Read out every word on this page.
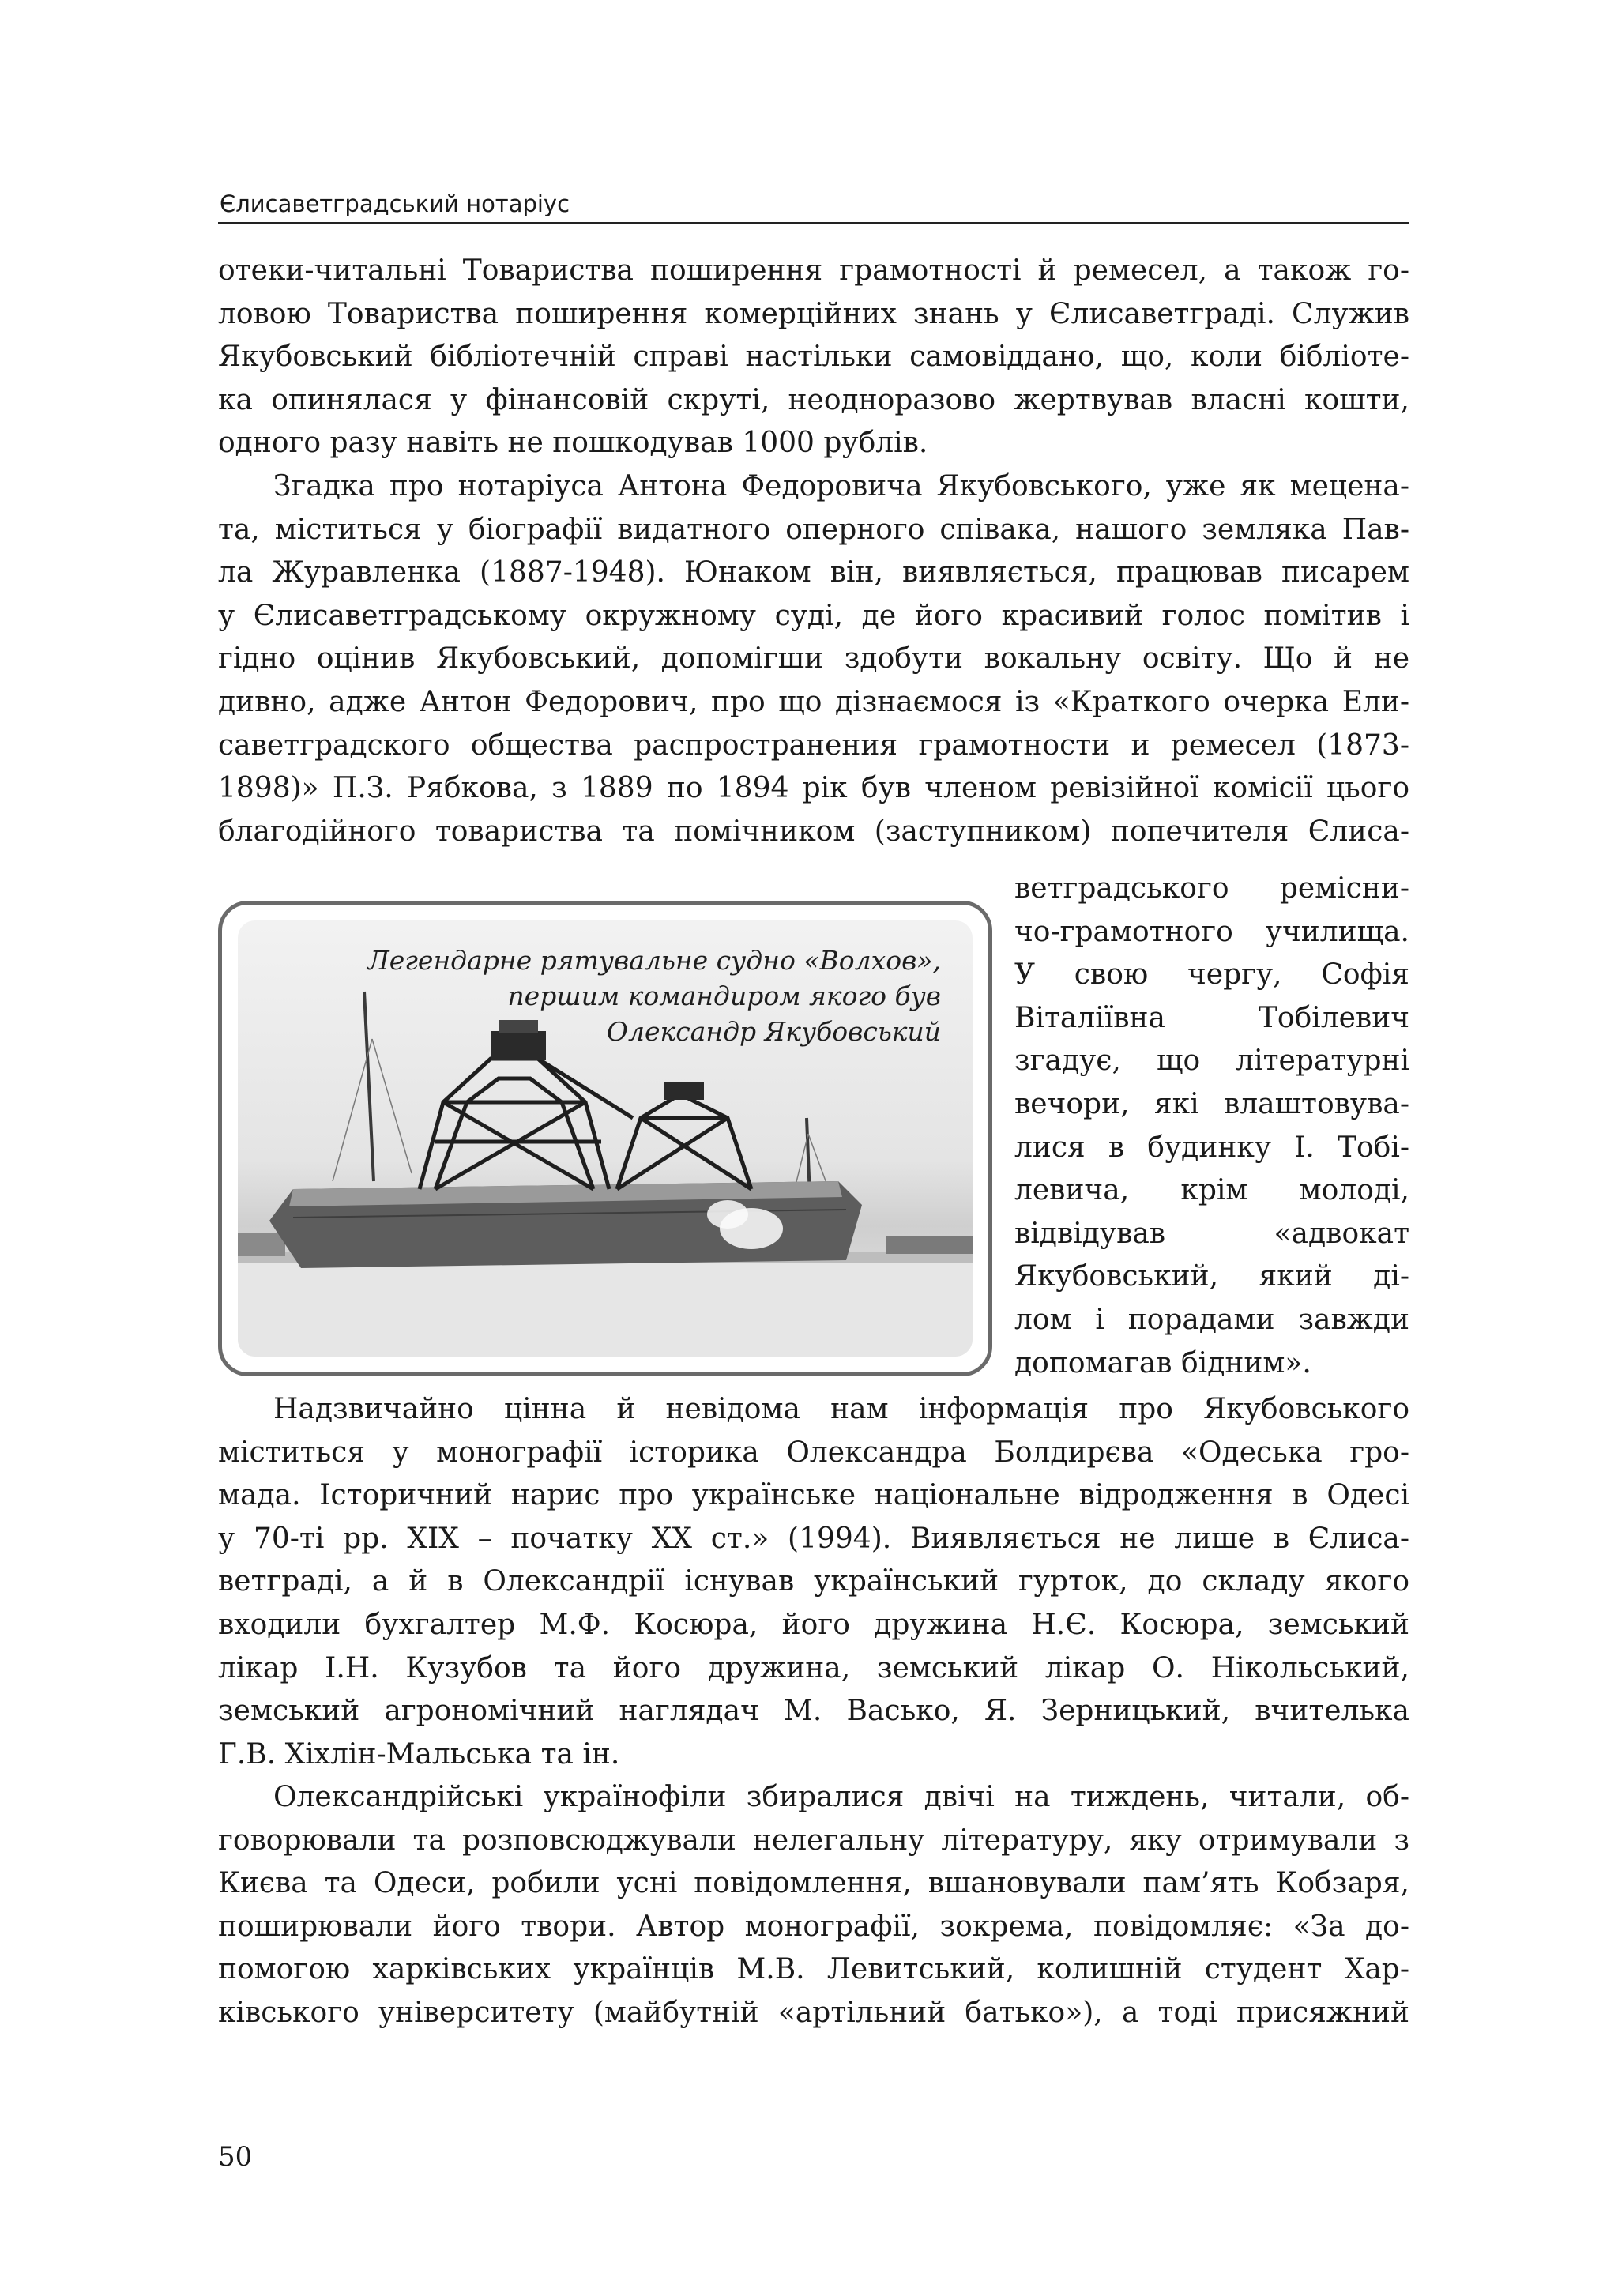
Єлисаветградський нотаріус

отеки-читальні Товариства поширення грамотності й ремесел, а також го-

ловою Товариства поширення комерційних знань у Єлисаветграді. Служив

Якубовський бібліотечній справі настільки самовіддано, що, коли бібліоте-

ка опинялася у фінансовій скруті, неодноразово жертвував власні кошти,

одного разу навіть не пошкодував 1000 рублів.

Згадка про нотаріуса Антона Федоровича Якубовського, уже як мецена-

та, міститься у біографії видатного оперного співака, нашого земляка Пав-

ла Журавленка (1887-1948). Юнаком він, виявляється, працював писарем

у Єлисаветградському окружному суді, де його красивий голос помітив і

гідно оцінив Якубовський, допомігши здобути вокальну освіту. Що й не

дивно, адже Антон Федорович, про що дізнаємося із «Краткого очерка Ели-

саветградского общества распространения грамотности и ремесел (1873-

1898)» П.З. Рябкова, з 1889 по 1894 рік був членом ревізійної комісії цього

благодійного товариства та помічником (заступником) попечителя Єлиса-

ветградського ремісни-
чо-грамотного училища.
У свою чергу, Софія
Віталіївна Тобілевич
згадує, що літературні
вечори, які влаштовува-
лися в будинку І. Тобі-
левича, крім молоді,
відвідував «адвокат
Якубовський, який ді-
лом і порадами завжди
допомагав бідним».
Легендарне рятувальне судно «Волхов»,
першим командиром якого був
Олександр Якубовський

Надзвичайно цінна й невідома нам інформація про Якубовського

міститься у монографії історика Олександра Болдирєва «Одеська гро-

мада. Історичний нарис про українське національне відродження в Одесі

у 70-ті рр. XIX – початку XX ст.» (1994). Виявляється не лише в Єлиса-

ветграді, а й в Олександрії існував український гурток, до складу якого

входили бухгалтер М.Ф. Косюра, його дружина Н.Є. Косюра, земський

лікар І.Н. Кузубов та його дружина, земський лікар О. Нікольський,

земський агрономічний наглядач М. Васько, Я. Зерницький, вчителька

Г.В. Хіхлін-Мальська та ін.

Олександрійські українофіли збиралися двічі на тиждень, читали, об-

говорювали та розповсюджували нелегальну літературу, яку отримували з

Києва та Одеси, робили усні повідомлення, вшановували пам’ять Кобзаря,

поширювали його твори. Автор монографії, зокрема, повідомляє: «За до-

помогою харківських українців М.В. Левитський, колишній студент Хар-

ківського університету (майбутній «артільний батько»), а тоді присяжний

50
